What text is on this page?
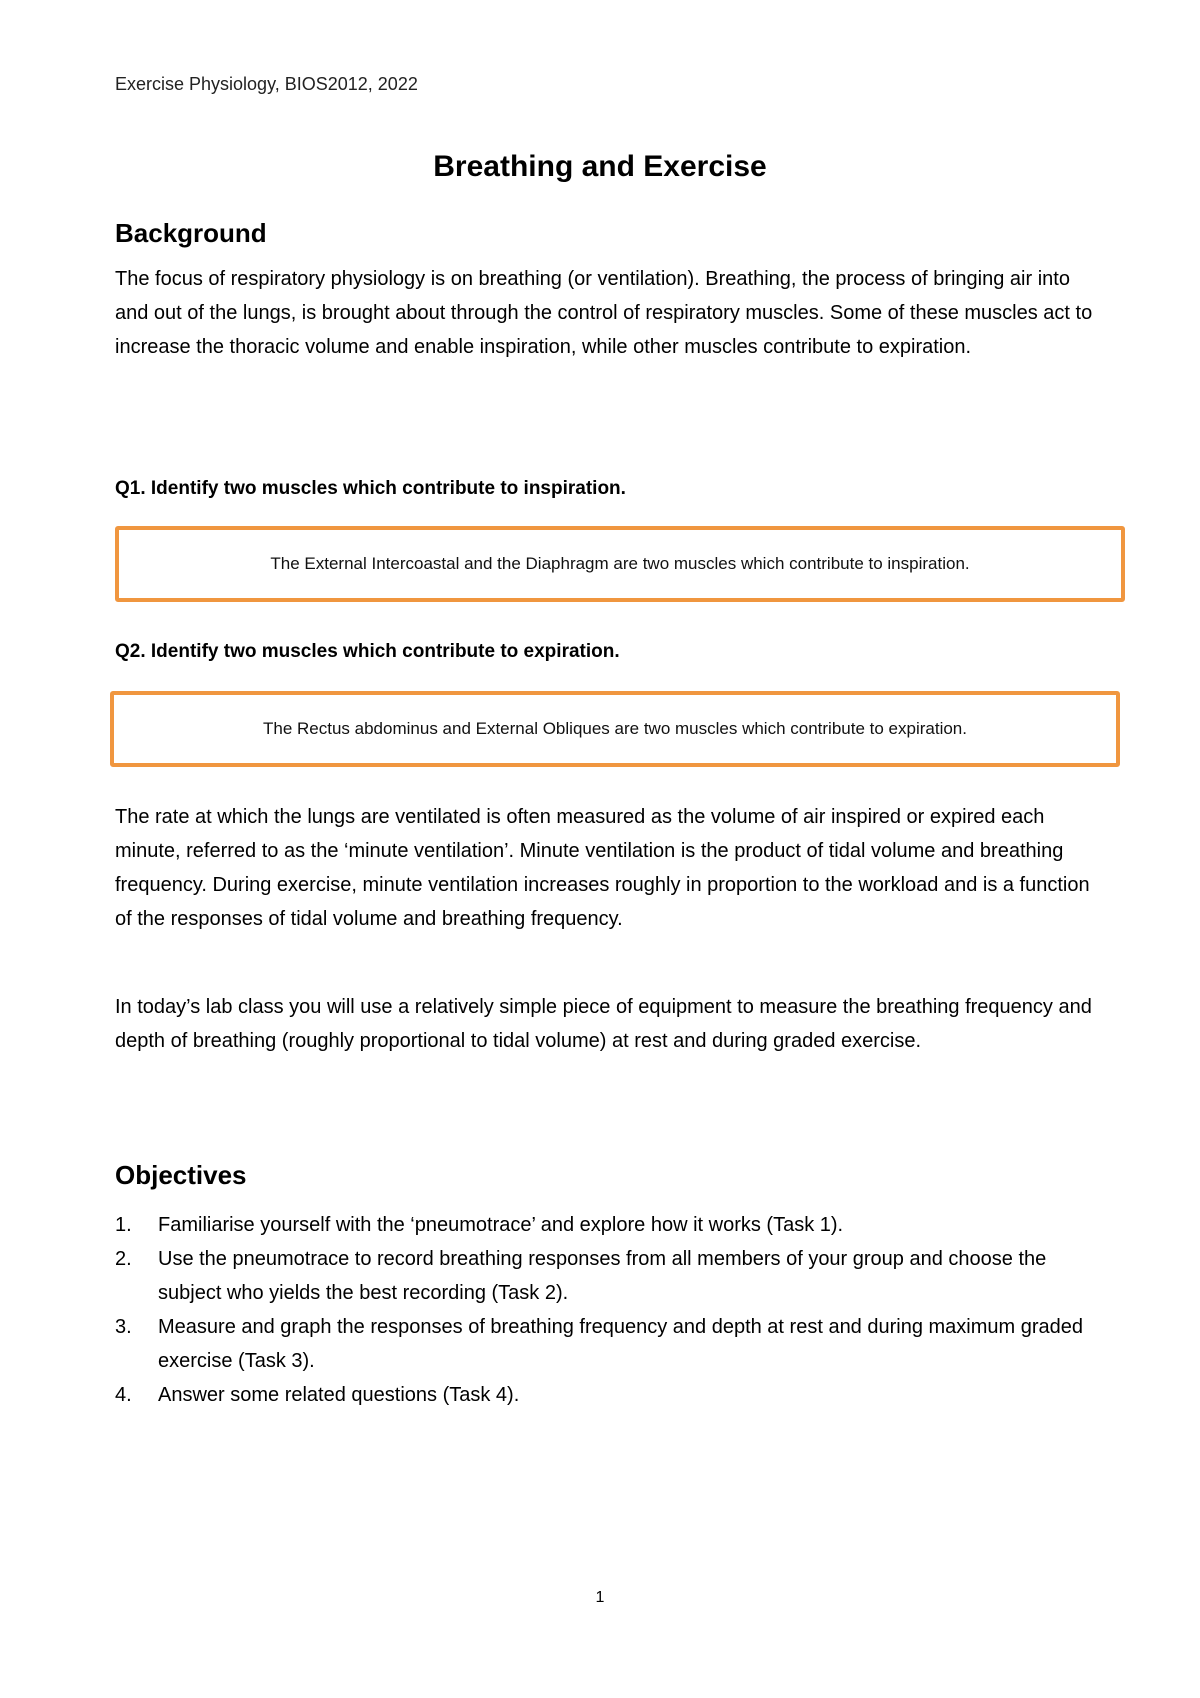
Exercise Physiology, BIOS2012, 2022
Breathing and Exercise
Background

The focus of respiratory physiology is on breathing (or ventilation). Breathing, the process of bringing air into and out of the lungs, is brought about through the control of respiratory muscles. Some of these muscles act to increase the thoracic volume and enable inspiration, while other muscles contribute to expiration.

Q1. Identify two muscles which contribute to inspiration.

The External Intercoastal and the Diaphragm are two muscles which contribute to inspiration.

Q2. Identify two muscles which contribute to expiration.

The Rectus abdominus and External Obliques are two muscles which contribute to expiration.

The rate at which the lungs are ventilated is often measured as the volume of air inspired or expired each minute, referred to as the ‘minute ventilation’. Minute ventilation is the product of tidal volume and breathing frequency. During exercise, minute ventilation increases roughly in proportion to the workload and is a function of the responses of tidal volume and breathing frequency.

In today’s lab class you will use a relatively simple piece of equipment to measure the breathing frequency and depth of breathing (roughly proportional to tidal volume) at rest and during graded exercise.

Objectives
1.	Familiarise yourself with the ‘pneumotrace’ and explore how it works (Task 1).
2.	Use the pneumotrace to record breathing responses from all members of your group and choose the subject who yields the best recording (Task 2).
3.	Measure and graph the responses of breathing frequency and depth at rest and during maximum graded exercise (Task 3).
4.	Answer some related questions (Task 4).
1
